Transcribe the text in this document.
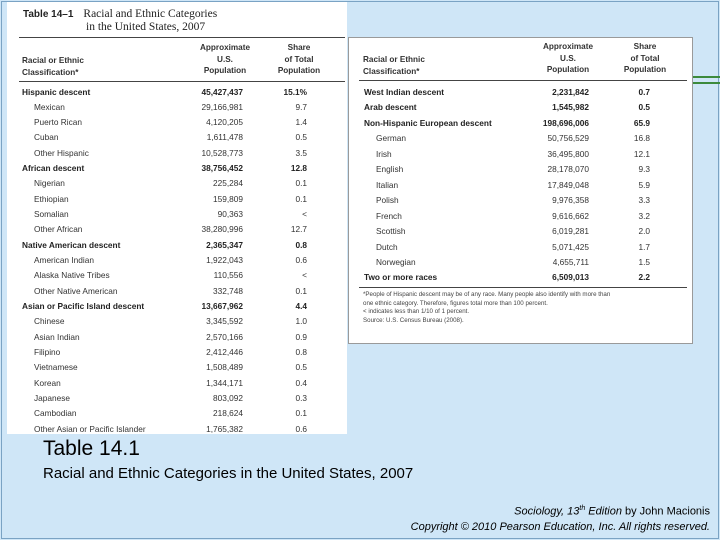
Table 14–1 Racial and Ethnic Categories
in the United States, 2007
Racial or Ethnic
Classification*
Approximate
U.S.
Population
Share
of Total
Population
Hispanic descent	45,427,437	15.1%
Mexican	29,166,981	9.7
Puerto Rican	4,120,205	1.4
Cuban	1,611,478	0.5
Other Hispanic	10,528,773	3.5
African descent	38,756,452	12.8
Nigerian	225,284	0.1
Ethiopian	159,809	0.1
Somalian	90,363	<
Other African	38,280,996	12.7
Native American descent	2,365,347	0.8
American Indian	1,922,043	0.6
Alaska Native Tribes	110,556	<
Other Native American	332,748	0.1
Asian or Pacific Island descent	13,667,962	4.4
Chinese	3,345,592	1.0
Asian Indian	2,570,166	0.9
Filipino	2,412,446	0.8
Vietnamese	1,508,489	0.5
Korean	1,344,171	0.4
Japanese	803,092	0.3
Cambodian	218,624	0.1
Other Asian or Pacific Islander	1,765,382	0.6
Racial or Ethnic
Classification*
Approximate
U.S.
Population
Share
of Total
Population
West Indian descent	2,231,842	0.7
Arab descent	1,545,982	0.5
Non-Hispanic European descent	198,696,006	65.9
German	50,756,529	16.8
Irish	36,495,800	12.1
English	28,178,070	9.3
Italian	17,849,048	5.9
Polish	9,976,358	3.3
French	9,616,662	3.2
Scottish	6,019,281	2.0
Dutch	5,071,425	1.7
Norwegian	4,655,711	1.5
Two or more races	6,509,013	2.2
*People of Hispanic descent may be of any race. Many people also identify with more than
one ethnic category. Therefore, figures total more than 100 percent.
< indicates less than 1/10 of 1 percent.
Source: U.S. Census Bureau (2008).
Table 14.1
Racial and Ethnic Categories in the United States, 2007
Sociology, 13th Edition by John Macionis
Copyright © 2010 Pearson Education, Inc. All rights reserved.
